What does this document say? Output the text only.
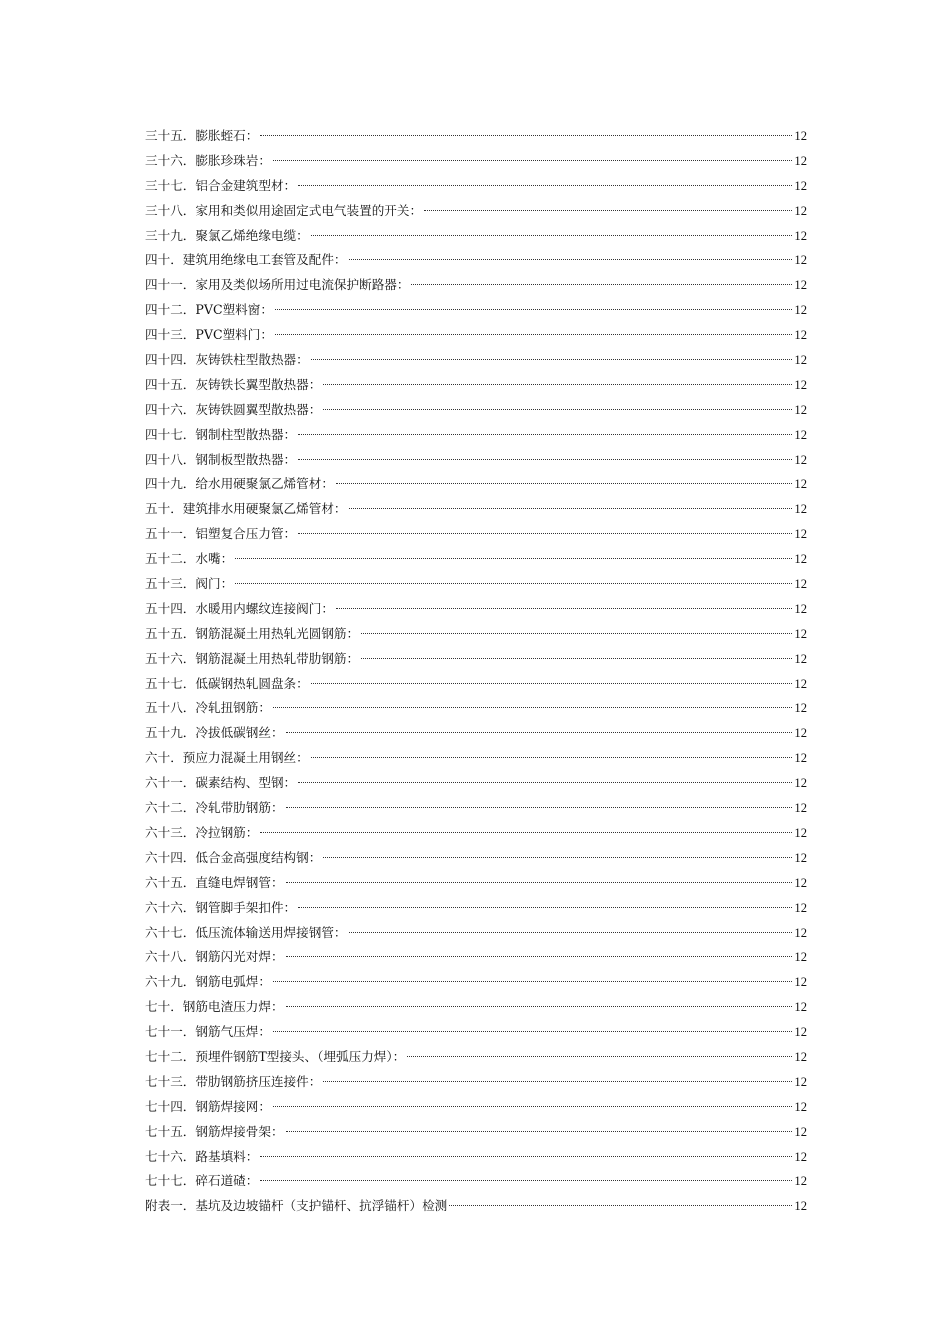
三十五．膨胀蛭石：	12
三十六．膨胀珍珠岩：	12
三十七．铝合金建筑型材：	12
三十八．家用和类似用途固定式电气装置的开关：	12
三十九．聚氯乙烯绝缘电缆：	12
四十．建筑用绝缘电工套管及配件：	12
四十一．家用及类似场所用过电流保护断路器：	12
四十二．PVC塑料窗：	12
四十三．PVC塑料门：	12
四十四．灰铸铁柱型散热器：	12
四十五．灰铸铁长翼型散热器：	12
四十六．灰铸铁圆翼型散热器：	12
四十七．钢制柱型散热器：	12
四十八．钢制板型散热器：	12
四十九．给水用硬聚氯乙烯管材：	12
五十．建筑排水用硬聚氯乙烯管材：	12
五十一．铝塑复合压力管：	12
五十二．水嘴：	12
五十三．阀门：	12
五十四．水暖用内螺纹连接阀门：	12
五十五．钢筋混凝土用热轧光圆钢筋：	12
五十六．钢筋混凝土用热轧带肋钢筋：	12
五十七．低碳钢热轧圆盘条：	12
五十八．冷轧扭钢筋：	12
五十九．冷拔低碳钢丝：	12
六十．预应力混凝土用钢丝：	12
六十一．碳素结构、型钢：	12
六十二．冷轧带肋钢筋：	12
六十三．冷拉钢筋：	12
六十四．低合金高强度结构钢：	12
六十五．直缝电焊钢管：	12
六十六．钢管脚手架扣件：	12
六十七．低压流体输送用焊接钢管：	12
六十八．钢筋闪光对焊：	12
六十九．钢筋电弧焊：	12
七十．钢筋电渣压力焊：	12
七十一．钢筋气压焊：	12
七十二．预埋件钢筋T型接头、（埋弧压力焊）：	12
七十三．带肋钢筋挤压连接件：	12
七十四．钢筋焊接网：	12
七十五．钢筋焊接骨架：	12
七十六．路基填料：	12
七十七．碎石道碴：	12
附表一．基坑及边坡锚杆（支护锚杆、抗浮锚杆）检测	12
